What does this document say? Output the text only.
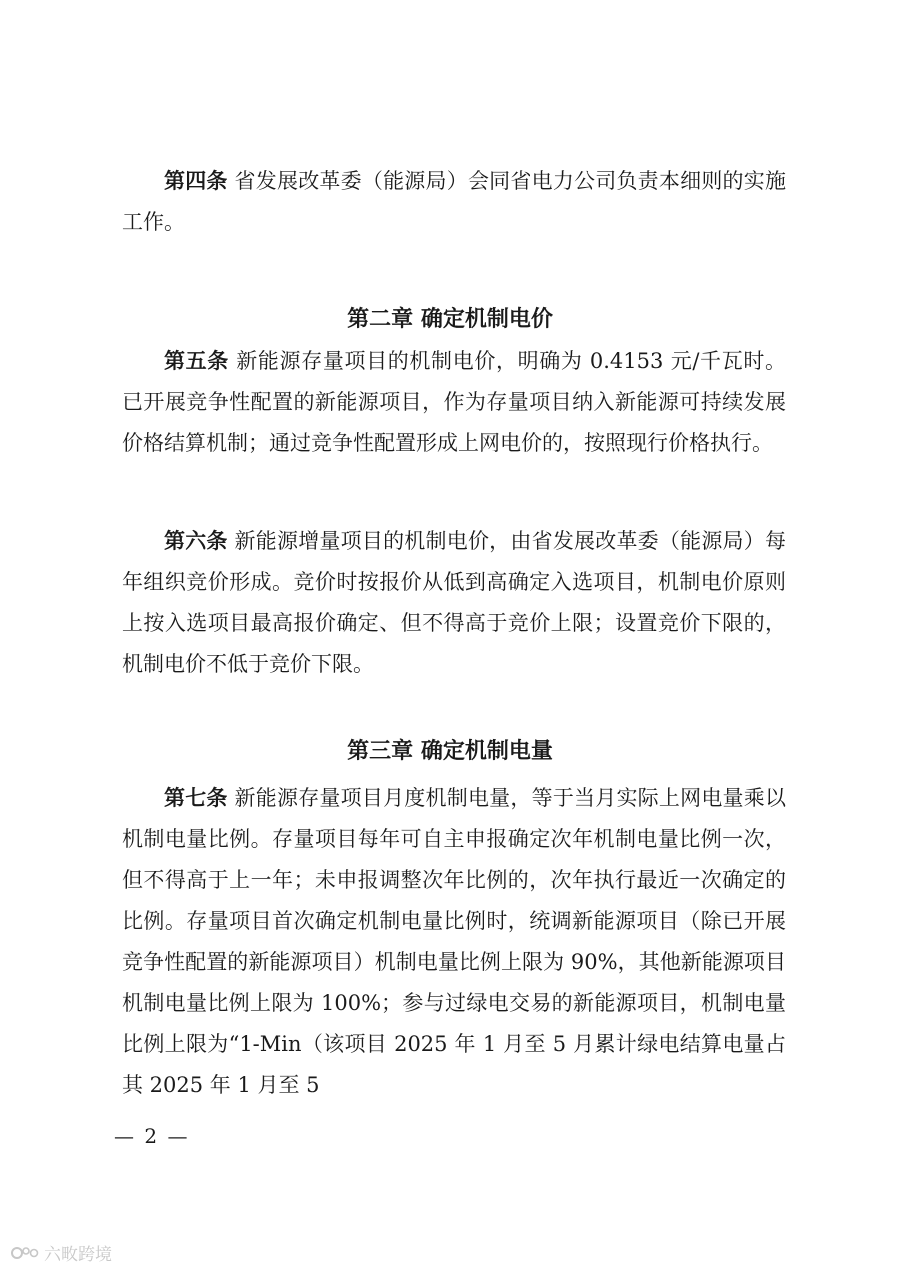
第四条 省发展改革委（能源局）会同省电力公司负责本细则的实施工作。

第二章 确定机制电价

第五条 新能源存量项目的机制电价，明确为 0.4153 元/千瓦时。已开展竞争性配置的新能源项目，作为存量项目纳入新能源可持续发展价格结算机制；通过竞争性配置形成上网电价的，按照现行价格执行。

第六条 新能源增量项目的机制电价，由省发展改革委（能源局）每年组织竞价形成。竞价时按报价从低到高确定入选项目，机制电价原则上按入选项目最高报价确定、但不得高于竞价上限；设置竞价下限的，机制电价不低于竞价下限。

第三章 确定机制电量

第七条 新能源存量项目月度机制电量，等于当月实际上网电量乘以机制电量比例。存量项目每年可自主申报确定次年机制电量比例一次，但不得高于上一年；未申报调整次年比例的，次年执行最近一次确定的比例。存量项目首次确定机制电量比例时，统调新能源项目（除已开展竞争性配置的新能源项目）机制电量比例上限为 90%，其他新能源项目机制电量比例上限为 100%；参与过绿电交易的新能源项目，机制电量比例上限为“1-Min（该项目 2025 年 1 月至 5 月累计绿电结算电量占其 2025 年 1 月至 5

— 2 —
六畋跨境
